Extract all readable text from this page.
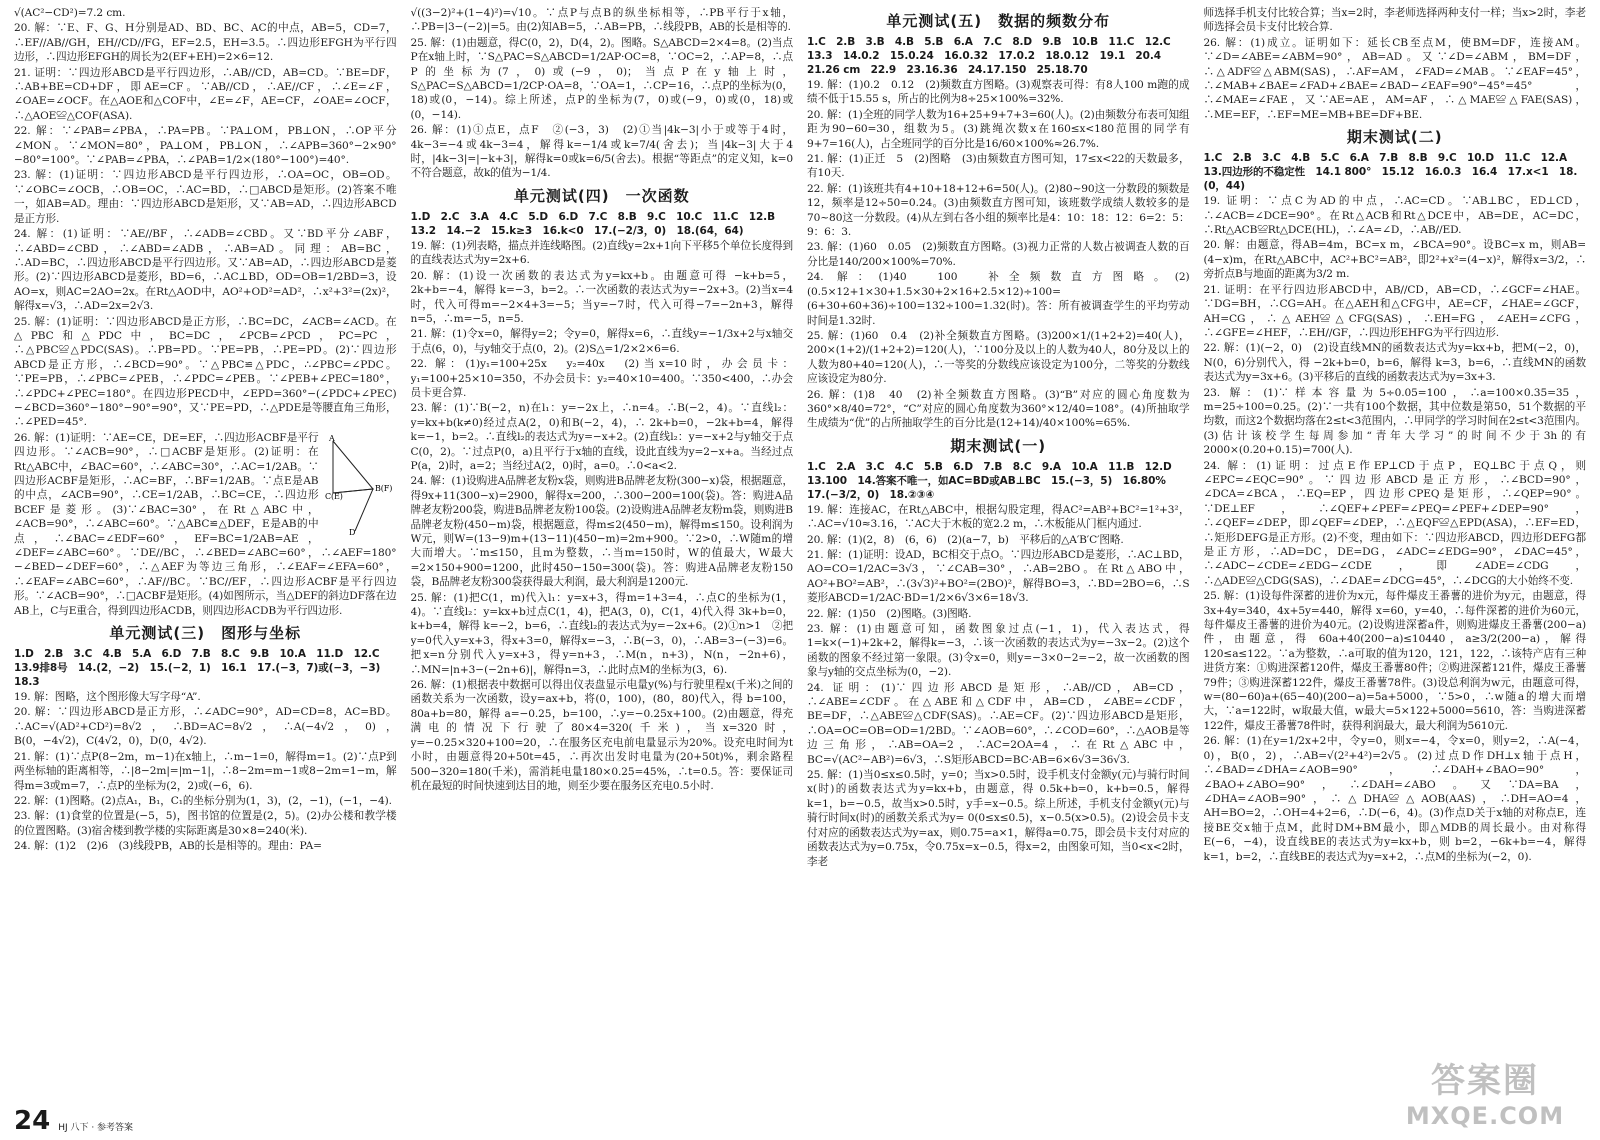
√(AC²−CD²)=7.2 cm.
20. 解：∵E、F、G、H分别是AD、BD、BC、AC的中点，AB=5，CD=7，∴EF//AB//GH，EH//CD//FG，EF=2.5，EH=3.5。∴四边形EFGH为平行四边形，∴四边形EFGH的周长为2(EF+EH)=2×6=12.
21. 证明：∵四边形ABCD是平行四边形，∴AB//CD，AB=CD。∵BE=DF，∴AB+BE=CD+DF，即AE=CF。∵AB//CD，∴AE//CF，∴∠E=∠F，∠OAE=∠OCF。在△AOE和△COF中，∠E=∠F，AE=CF，∠OAE=∠OCF，∴△AOE≌△COF(ASA).
22. 解：∵∠PAB=∠PBA，∴PA=PB。∵PA⊥OM，PB⊥ON，∴OP平分∠MON。∵∠MON=80°，PA⊥OM，PB⊥ON，∴∠APB=360°−2×90°−80°=100°。∵∠PAB=∠PBA，∴∠PAB=1/2×(180°−100°)=40°.
23. 解：(1)证明：∵四边形ABCD是平行四边形，∴OA=OC，OB=OD。∵∠OBC=∠OCB，∴OB=OC，∴AC=BD，∴□ABCD是矩形。(2)答案不唯一，如AB=AD。理由：∵四边形ABCD是矩形，又∵AB=AD，∴四边形ABCD是正方形.
24. 解：(1)证明：∵AE//BF，∴∠ADB=∠CBD。又∵BD平分∠ABF，∴∠ABD=∠CBD，∴∠ABD=∠ADB，∴AB=AD。同理：AB=BC，∴AD=BC，∴四边形ABCD是平行四边形。又∵AB=AD，∴四边形ABCD是菱形。(2)∵四边形ABCD是菱形，BD=6，∴AC⊥BD，OD=OB=1/2BD=3，设AO=x，则AC=2AO=2x。在Rt△AOD中，AO²+OD²=AD²，∴x²+3²=(2x)²，解得x=√3，∴AD=2x=2√3.
25. 解：(1)证明：∵四边形ABCD是正方形，∴BC=DC，∠ACB=∠ACD。在△PBC和△PDC中，BC=DC，∠PCB=∠PCD，PC=PC，∴△PBC≌△PDC(SAS)。∴PB=PD。∵PE=PB，∴PE=PD。(2)∵四边形ABCD是正方形，∴∠BCD=90°。∵△PBC≌△PDC，∴∠PBC=∠PDC。∵PE=PB，∴∠PBC=∠PEB，∴∠PDC=∠PEB。∵∠PEB+∠PEC=180°，∴∠PDC+∠PEC=180°。在四边形PECD中，∠EPD=360°−(∠PDC+∠PEC)−∠BCD=360°−180°−90°=90°，又∵PE=PD，∴△PDE是等腰直角三角形，∴∠PED=45°.
A
B(F)
C(E)
D
26. 解：(1)证明：∵AE=CE，DE=EF，∴四边形ACBF是平行四边形。∵∠ACB=90°，∴□ACBF是矩形。(2)证明：在Rt△ABC中，∠BAC=60°，∴∠ABC=30°，∴AC=1/2AB。∵四边形ACBF是矩形，∴AC=BF，∴BF=1/2AB。∵点E是AB的中点，∠ACB=90°，∴CE=1/2AB，∴BC=CE，∴四边形BCEF是菱形。(3)∵∠BAC=30°，在Rt△ABC中，∠ACB=90°，∴∠ABC=60°。∵△ABC≌△DEF，E是AB的中点，∴∠BAC=∠EDF=60°，EF=BC=1/2AB=AE，∠DEF=∠ABC=60°。∵DE//BC，∴∠BED=∠ABC=60°，∴∠AEF=180°−∠BED−∠DEF=60°，∴△AEF为等边三角形，∴∠EAF=∠EFA=60°，∴∠EAF=∠ABC=60°，∴AF//BC。∵BC//EF，∴四边形ACBF是平行四边形。∵∠ACB=90°，∴□ACBF是矩形。(4)如图所示，当△DEF的斜边DF落在边AB上，C与E重合，得到四边形ACDB，则四边形ACDB为平行四边形.
单元测试(三)　图形与坐标
1.D　2.B　3.C　4.B　5.A　6.D　7.B　8.C　9.B　10.A　11.D　12.C　13.9排8号　14.(2，−2)　15.(−2，1)　16.1　17.(−3，7)或(−3，−3)　18.3
19. 解：图略，这个图形像大写字母“A”.
20. 解：∵四边形ABCD是正方形，∴∠ADC=90°，AD=CD=8，AC=BD。∴AC=√(AD²+CD²)=8√2，∴BD=AC=8√2，∴A(−4√2，0)，B(0，−4√2)，C(4√2，0)，D(0，4√2).
21. 解：(1)∵点P(8−2m，m−1)在x轴上，∴m−1=0，解得m=1。(2)∵点P到两坐标轴的距离相等，∴|8−2m|=|m−1|，∴8−2m=m−1或8−2m=1−m，解得m=3或m=7，∴点P的坐标为(2，2)或(−6，6).
22. 解：(1)图略。(2)点A₁，B₁，C₁的坐标分别为(1，3)，(2，−1)，(−1，−4).
23. 解：(1)食堂的位置是(−5，5)，图书馆的位置是(2，5)。(2)办公楼和教学楼的位置图略。(3)宿舍楼到教学楼的实际距离是30×8=240(米).
24. 解：(1)2　(2)6　(3)线段PB，AB的长是相等的。理由：PA=
√((3−2)²+(1−4)²)=√10。∵点P与点B的纵坐标相等，∴PB平行于x轴，∴PB=|3−(−2)|=5。由(2)知AB=5，∴AB=PB，∴线段PB，AB的长是相等的.
25. 解：(1)由题意，得C(0，2)，D(4，2)。图略。S△ABCD=2×4=8。(2)当点P在x轴上时，∵S△PAC=S△ABCD=1/2AP·OC=8，∵OC=2，∴AP=8，∴点P的坐标为(7，0)或(−9，0)；当点P在y轴上时，S△PAC=S△ABCD=1/2CP·OA=8，∵OA=1，∴CP=16，∴点P的坐标为(0，18)或(0，−14)。综上所述，点P的坐标为(7，0)或(−9，0)或(0，18)或(0，−14).
26. 解：(1)①点E，点F　②(−3，3)　(2)①当|4k−3|小于或等于4时，4k−3=−4或4k−3=4，解得k=−1/4或k=7/4(舍去)；当|4k−3|大于4时，|4k−3|=|−k+3|，解得k=0或k=6/5(舍去)。根据“等距点”的定义知，k=0不符合题意，故k的值为−1/4.
单元测试(四)　一次函数
1.D　2.C　3.A　4.C　5.D　6.D　7.C　8.B　9.C　10.C　11.C　12.B　13.2　14.−2　15.k≥3　16.k<0　17.(−2/3，0)　18.(64，64)
19. 解：(1)列表略，描点并连线略图。(2)直线y=2x+1向下平移5个单位长度得到的直线表达式为y=2x+6.
20. 解：(1)设一次函数的表达式为y=kx+b。由题意可得 −k+b=5，2k+b=−4，解得 k=−3，b=2。∴一次函数的表达式为y=−2x+3。(2)当x=4时，代入可得m=−2×4+3=−5；当y=−7时，代入可得−7=−2n+3，解得n=5，∴m=−5，n=5.
21. 解：(1)令x=0，解得y=2；令y=0，解得x=6，∴直线y=−1/3x+2与x轴交于点(6，0)，与y轴交于点(0，2)。(2)S△=1/2×2×6=6.
22. 解：(1)y₁=100+25x　y₂=40x　(2)当x=10时，办会员卡：y₁=100+25×10=350，不办会员卡：y₂=40×10=400。∵350<400，∴办会员卡更合算.
23. 解：(1)∵B(−2，n)在l₁：y=−2x上，∴n=4。∴B(−2，4)。∵直线l₂：y=kx+b(k≠0)经过点A(2，0)和B(−2，4)，∴ 2k+b=0，−2k+b=4，解得 k=−1，b=2。∴直线l₂的表达式为y=−x+2。(2)直线l₂：y=−x+2与y轴交于点C(0，2)。∵过点P(0，a)且平行于x轴的直线，设此直线为y=2−x+a。当经过点P(a，2)时，a=2；当经过A(2，0)时，a=0。∴0<a<2.
24. 解：(1)设购进A品牌老友粉x袋，则购进B品牌老友粉(300−x)袋，根据题意，得9x+11(300−x)=2900，解得x=200，∴300−200=100(袋)。答：购进A品牌老友粉200袋，购进B品牌老友粉100袋。(2)设购进A品牌老友粉m袋，则购进B品牌老友粉(450−m)袋，根据题意，得m≤2(450−m)，解得m≤150。设利润为W元，则W=(13−9)m+(13−11)(450−m)=2m+900。∵2>0，∴W随m的增大而增大。∵m≤150，且m为整数，∴当m=150时，W的值最大，W最大=2×150+900=1200，此时450−150=300(袋)。答：购进A品牌老友粉150袋，B品牌老友粉300袋获得最大利润，最大利润是1200元.
25. 解：(1)把C(1，m)代入l₁：y=x+3，得m=1+3=4，∴点C的坐标为(1，4)。∵直线l₂：y=kx+b过点C(1，4)，把A(3，0)，C(1，4)代入得 3k+b=0，k+b=4，解得 k=−2，b=6，∴直线l₂的表达式为y=−2x+6。(2)①n>1　②把y=0代入y=x+3，得x+3=0，解得x=−3，∴B(−3，0)，∴AB=3−(−3)=6。把x=n分别代入y=x+3，得y=n+3，∴M(n，n+3)，N(n，−2n+6)，∴MN=|n+3−(−2n+6)|，解得n=3，∴此时点M的坐标为(3，6).
26. 解：(1)根据表中数据可以得出仪表盘显示电量y(%)与行驶里程x(千米)之间的函数关系为一次函数，设y=ax+b，将(0，100)，(80，80)代入，得 b=100，80a+b=80，解得 a=−0.25，b=100，∴y=−0.25x+100。(2)由题意，得充满电的情况下行驶了80×4=320(千米)，当x=320时，y=−0.25×320+100=20，∴在服务区充电前电量显示为20%。设充电时间为t小时，由题意得20+50t=45，∴再次出发时电量为(20+50t)%，剩余路程500−320=180(千米)，需消耗电量180×0.25=45%，∴t=0.5。答：要保证司机在最短的时间快速到达目的地，则至少要在服务区充电0.5小时.
单元测试(五)　数据的频数分布
1.C　2.B　3.B　4.B　5.B　6.A　7.C　8.D　9.B　10.B　11.C　12.C　13.3　14.0.2　15.0.24　16.0.32　17.0.2　18.0.12　19.1　20.4　21.26 cm　22.9　23.16.36　24.17.150　25.18.70
19. 解：(1)0.2　0.12　(2)频数直方图略。(3)观察表可得：有8人100 m跑的成绩不低于15.55 s，所占的比例为8÷25×100%=32%.
20. 解：(1)全班的同学人数为16+25+9+7+3=60(人)。(2)由频数分布表可知组距为90−60=30，组数为5。(3)跳绳次数x在160≤x<180范围的同学有9+7=16(人)，占全班同学的百分比是16/60×100%≈26.7%.
21. 解：(1)正迁　5　(2)图略　(3)由频数直方图可知，17≤x<22的天数最多，有10天.
22. 解：(1)该班共有4+10+18+12+6=50(人)。(2)80~90这一分数段的频数是12，频率是12÷50=0.24。(3)由频数直方图可知，该班数学成绩人数较多的是70~80这一分数段。(4)从左到右各小组的频率比是4：10：18：12：6=2：5：9：6：3.
23. 解：(1)60　0.05　(2)频数直方图略。(3)视力正常的人数占被调查人数的百分比是140/200×100%=70%.
24. 解：(1)40　100　补全频数直方图略。(2)(0.5×12+1×30+1.5×30+2×16+2.5×12)÷100=(6+30+60+36)÷100=132÷100=1.32(时)。答：所有被调查学生的平均劳动时间是1.32时.
25. 解：(1)60　0.4　(2)补全频数直方图略。(3)200×1/(1+2+2)=40(人)，200×(1+2)/(1+2+2)=120(人)，∵100分及以上的人数为40人，80分及以上的人数为80+40=120(人)，∴一等奖的分数线应该设定为100分，二等奖的分数线应该设定为80分.
26. 解：(1)8　40　(2)补全频数直方图略。(3)“B”对应的圆心角度数为360°×8/40=72°，“C”对应的圆心角度数为360°×12/40=108°。(4)所抽取学生成绩为“优”的占所抽取学生的百分比是(12+14)/40×100%=65%.
期末测试(一)
1.C　2.A　3.C　4.C　5.B　6.D　7.B　8.C　9.A　10.A　11.B　12.D　13.100　14.答案不唯一，如AC=BD或AB⊥BC　15.(−3，5)　16.80%　17.(−3/2，0)　18.②③④
19. 解：连接AC，在Rt△ABC中，根据勾股定理，得AC²=AB²+BC²=1²+3²，∴AC=√10≈3.16，∵AC大于木板的宽2.2 m，∴木板能从门框内通过.
20. 解：(1)(2，8)　(6，6)　(2)(a−7，b)　平移后的△A′B′C′图略.
21. 解：(1)证明：设AD，BC相交于点O。∵四边形ABCD是菱形，∴AC⊥BD，AO=CO=1/2AC=3√3，∵∠CAB=30°，∴AB=2BO。在Rt△ABO中，AO²+BO²=AB²，∴(3√3)²+BO²=(2BO)²，解得BO=3，∴BD=2BO=6，∴S菱形ABCD=1/2AC·BD=1/2×6√3×6=18√3.
22. 解：(1)50　(2)图略。(3)图略.
23. 解：(1)由题意可知，函数图象过点(−1，1)，代入表达式，得1=k×(−1)+2k+2，解得k=−3，∴该一次函数的表达式为y=−3x−2。(2)这个函数的图象不经过第一象限。(3)令x=0，则y=−3×0−2=−2，故一次函数的图象与y轴的交点坐标为(0，−2).
24. 证明：(1)∵四边形ABCD是矩形，∴AB//CD，AB=CD，∴∠ABE=∠CDF。在△ABE和△CDF中，AB=CD，∠ABE=∠CDF，BE=DF，∴△ABE≌△CDF(SAS)。∴AE=CF。(2)∵四边形ABCD是矩形，∴OA=OC=OB=OD=1/2BD。∵∠AOB=60°，∴∠COD=60°，∴△AOB是等边三角形，∴AB=OA=2，∴AC=2OA=4，∴在Rt△ABC中，BC=√(AC²−AB²)=6√3，∴S矩形ABCD=BC·AB=6×6√3=36√3.
25. 解：(1)当0≤x≤0.5时，y=0；当x>0.5时，设手机支付金额y(元)与骑行时间x(时)的函数表达式为y=kx+b，由题意，得 0.5k+b=0，k+b=0.5，解得 k=1，b=−0.5，故当x>0.5时，y手=x−0.5。综上所述，手机支付金额y(元)与骑行时间x(时)的函数关系式为y= 0(0≤x≤0.5)，x−0.5(x>0.5)。(2)设会员卡支付对应的函数表达式为y=ax，则0.75=a×1，解得a=0.75，即会员卡支付对应的函数表达式为y=0.75x，令0.75x=x−0.5，得x=2，由图象可知，当0<x<2时，李老
师选择手机支付比较合算；当x=2时，李老师选择两种支付一样；当x>2时，李老师选择会员卡支付比较合算.
26. 解：(1)成立。证明如下：延长CB至点M，使BM=DF，连接AM。∵∠D=∠ABE=∠ABM=90°，AB=AD。又∵∠D=∠ABM，BM=DF，∴△ADF≌△ABM(SAS)，∴AF=AM，∠FAD=∠MAB。∵∠EAF=45°，∴∠MAB+∠BAE=∠FAD+∠BAE=∠BAD−∠EAF=90°−45°=45°，∴∠MAE=∠FAE，又∵AE=AE，AM=AF，∴△MAE≌△FAE(SAS)，∴ME=EF，∴EF=ME=MB+BE=DF+BE.
期末测试(二)
1.C　2.B　3.C　4.B　5.C　6.A　7.B　8.B　9.C　10.D　11.C　12.A　13.四边形的不稳定性　14.1 800°　15.12　16.0.3　16.4　17.x<1　18.(0，44)
19. 证明：∵点C为AD的中点，∴AC=CD。∵AB⊥BC，ED⊥CD，∴∠ACB=∠DCE=90°。在Rt△ACB和Rt△DCE中，AB=DE，AC=DC，∴Rt△ACB≌Rt△DCE(HL)，∴∠A=∠D，∴AB//ED.
20. 解：由题意，得AB=4m，BC=x m，∠BCA=90°。设BC=x m，则AB=(4−x)m，在Rt△ABC中，AC²+BC²=AB²，即2²+x²=(4−x)²，解得x=3/2，∴旁折点B与地面的距离为3/2 m.
21. 证明：在平行四边形ABCD中，AB//CD，AB=CD，∴∠GCF=∠HAE。∵DG=BH，∴CG=AH。在△AEH和△CFG中，AE=CF，∠HAE=∠GCF，AH=CG，∴△AEH≌△CFG(SAS)，∴EH=FG，∠AEH=∠CFG，∴∠GFE=∠HEF，∴EH//GF，∴四边形EHFG为平行四边形.
22. 解：(1)(−2，0)　(2)设直线MN的函数表达式为y=kx+b，把M(−2，0)，N(0，6)分别代入，得 −2k+b=0，b=6，解得 k=3，b=6，∴直线MN的函数表达式为y=3x+6。(3)平移后的直线的函数表达式为y=3x+3.
23. 解：(1)∵样本容量为5÷0.05=100，∴a=100×0.35=35，m=25÷100=0.25。(2)∵一共有100个数据，其中位数是第50，51个数据的平均数，而这2个数据均落在2≤t<3范围内，∴甲同学的学习时间在2≤t<3范围内。(3)估计该校学生每周参加“青年大学习”的时间不少于3h的有2000×(0.20+0.15)=700(人).
24. 解：(1)证明：过点E作EP⊥CD于点P，EQ⊥BC于点Q，则∠EPC=∠EQC=90°。∵四边形ABCD是正方形，∴∠BCD=90°，∠DCA=∠BCA，∴EQ=EP，四边形CPEQ是矩形，∴∠QEP=90°。∵DE⊥EF，∴∠QEF+∠PEF=∠PEQ=∠PEF+∠DEP=90°，∴∠QEF=∠DEP，即∠QEF=∠DEP，∴△EQF≌△EPD(ASA)，∴EF=ED，∴矩形DEFG是正方形。(2)不变，理由如下：∵四边形ABCD，四边形DEFG都是正方形，∴AD=DC，DE=DG，∠ADC=∠EDG=90°，∠DAC=45°，∴∠ADC−∠CDE=∠EDG−∠CDE，即∠ADE=∠CDG，∴△ADE≌△CDG(SAS)，∴∠DAE=∠DCG=45°，∴∠DCG的大小始终不变.
25. 解：(1)设每件深蓄的进价为x元，每件爆皮王番薯的进价为y元，由题意，得 3x+4y=340，4x+5y=440，解得 x=60，y=40，∴每件深蓄的进价为60元，每件爆皮王番薯的进价为40元。(2)设购进深蓄a件，则购进爆皮王番薯(200−a)件，由题意，得 60a+40(200−a)≤10440，a≥3/2(200−a)，解得120≤a≤122。∵a为整数，∴a可取的值为120，121，122，∴该特产店有三种进货方案：①购进深蓄120件，爆皮王番薯80件；②购进深蓄121件，爆皮王番薯79件；③购进深蓄122件，爆皮王番薯78件。(3)设总利润为w元，由题意可得，w=(80−60)a+(65−40)(200−a)=5a+5000，∵5>0，∴w随a的增大而增大，∵a=122时，w取最大值，w最大=5×122+5000=5610，答：当购进深蓄122件，爆皮王番薯78件时，获得利润最大，最大利润为5610元.
26. 解：(1)在y=1/2x+2中，令y=0，则x=−4，令x=0，则y=2，∴A(−4，0)，B(0，2)，∴AB=√(2²+4²)=2√5。(2)过点D作DH⊥x轴于点H，∴∠BAD=∠DHA=∠AOB=90°，∴∠DAH+∠BAO=90°，∠BAO+∠ABO=90°，∴∠DAH=∠ABO。又∵DA=BA，∠DHA=∠AOB=90°，∴△DHA≌△AOB(AAS)，∴DH=AO=4，AH=BO=2，∴OH=4+2=6，∴D(−6，4)。(3)作点D关于x轴的对称点E，连接BE交x轴于点M，此时DM+BM最小，即△MDB的周长最小。由对称得E(−6，−4)，设直线BE的表达式为y=kx+b，则 b=2，−6k+b=−4，解得 k=1，b=2，∴直线BE的表达式为y=x+2，∴点M的坐标为(−2，0).
24 HJ 八下 · 参考答案
答案圈
MXQE.COM
